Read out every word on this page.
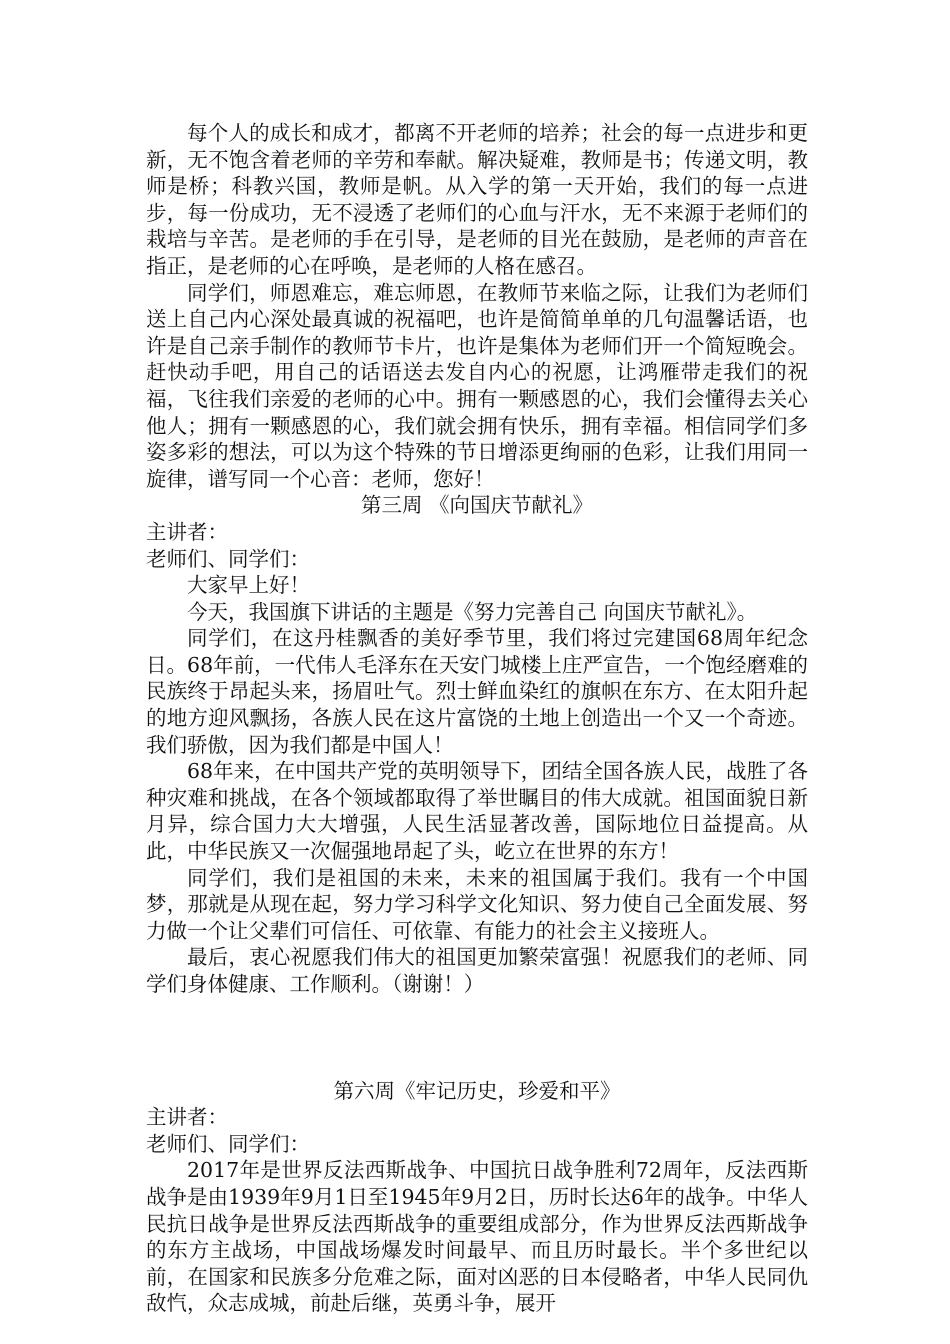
每个人的成长和成才，都离不开老师的培养；社会的每一点进步和更新，无不饱含着老师的辛劳和奉献。解决疑难，教师是书；传递文明，教师是桥；科教兴国，教师是帆。从入学的第一天开始，我们的每一点进步，每一份成功，无不浸透了老师们的心血与汗水，无不来源于老师们的栽培与辛苦。是老师的手在引导，是老师的目光在鼓励，是老师的声音在指正，是老师的心在呼唤，是老师的人格在感召。

同学们，师恩难忘，难忘师恩，在教师节来临之际，让我们为老师们送上自己内心深处最真诚的祝福吧，也许是简简单单的几句温馨话语，也许是自己亲手制作的教师节卡片，也许是集体为老师们开一个简短晚会。赶快动手吧，用自己的话语送去发自内心的祝愿，让鸿雁带走我们的祝福，飞往我们亲爱的老师的心中。拥有一颗感恩的心，我们会懂得去关心他人；拥有一颗感恩的心，我们就会拥有快乐，拥有幸福。相信同学们多姿多彩的想法，可以为这个特殊的节日增添更绚丽的色彩，让我们用同一旋律，谱写同一个心音：老师，您好！

第三周 《向国庆节献礼》

主讲者：

老师们、同学们：

大家早上好！

今天，我国旗下讲话的主题是《努力完善自己 向国庆节献礼》。

同学们，在这丹桂飘香的美好季节里，我们将过完建国68周年纪念日。68年前，一代伟人毛泽东在天安门城楼上庄严宣告，一个饱经磨难的民族终于昂起头来，扬眉吐气。烈士鲜血染红的旗帜在东方、在太阳升起的地方迎风飘扬，各族人民在这片富饶的土地上创造出一个又一个奇迹。我们骄傲，因为我们都是中国人！

68年来，在中国共产党的英明领导下，团结全国各族人民，战胜了各种灾难和挑战，在各个领域都取得了举世瞩目的伟大成就。祖国面貌日新月异，综合国力大大增强，人民生活显著改善，国际地位日益提高。从此，中华民族又一次倔强地昂起了头，屹立在世界的东方！

同学们，我们是祖国的未来，未来的祖国属于我们。我有一个中国梦，那就是从现在起，努力学习科学文化知识、努力使自己全面发展、努力做一个让父辈们可信任、可依靠、有能力的社会主义接班人。

最后，衷心祝愿我们伟大的祖国更加繁荣富强！祝愿我们的老师、同学们身体健康、工作顺利。（谢谢！）

第六周《牢记历史，珍爱和平》

主讲者：

老师们、同学们：

2017年是世界反法西斯战争、中国抗日战争胜利72周年，反法西斯战争是由1939年9月1日至1945年9月2日，历时长达6年的战争。中华人民抗日战争是世界反法西斯战争的重要组成部分，作为世界反法西斯战争的东方主战场，中国战场爆发时间最早、而且历时最长。半个多世纪以前，在国家和民族多分危难之际，面对凶恶的日本侵略者，中华人民同仇敌忾，众志成城，前赴后继，英勇斗争，展开
